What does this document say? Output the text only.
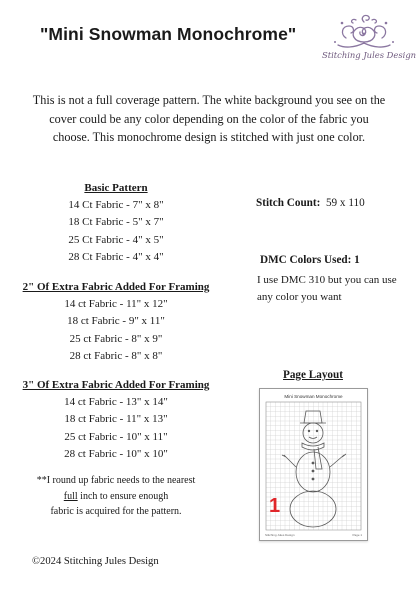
"Mini Snowman Monochrome"
Stitching Jules Design
This is not a full coverage pattern. The white background you see on the cover could be any color depending on the color of the fabric you choose. This monochrome design is stitched with just one color.
Basic Pattern
14 Ct Fabric - 7" x 8"
18 Ct Fabric - 5" x 7"
25 Ct Fabric - 4" x 5"
28 Ct Fabric - 4" x 4"
2" Of Extra Fabric Added For Framing
14 ct Fabric - 11" x 12"
18 ct Fabric - 9" x 11"
25 ct Fabric - 8" x 9"
28 ct Fabric - 8" x 8"
3" Of Extra Fabric Added For Framing
14 ct Fabric - 13" x 14"
18 ct Fabric - 11" x 13"
25 ct Fabric - 10" x 11"
28 ct Fabric - 10" x 10"
**I round up fabric needs to the nearest
full inch to ensure enough
fabric is acquired for the pattern.
Stitch Count: 59 x 110
DMC Colors Used: 1
I use DMC 310 but you can use any color you want
Page Layout
Mini Snowman Monochrome
1
Stitching Jules Design	Page 1
©2024 Stitching Jules Design
